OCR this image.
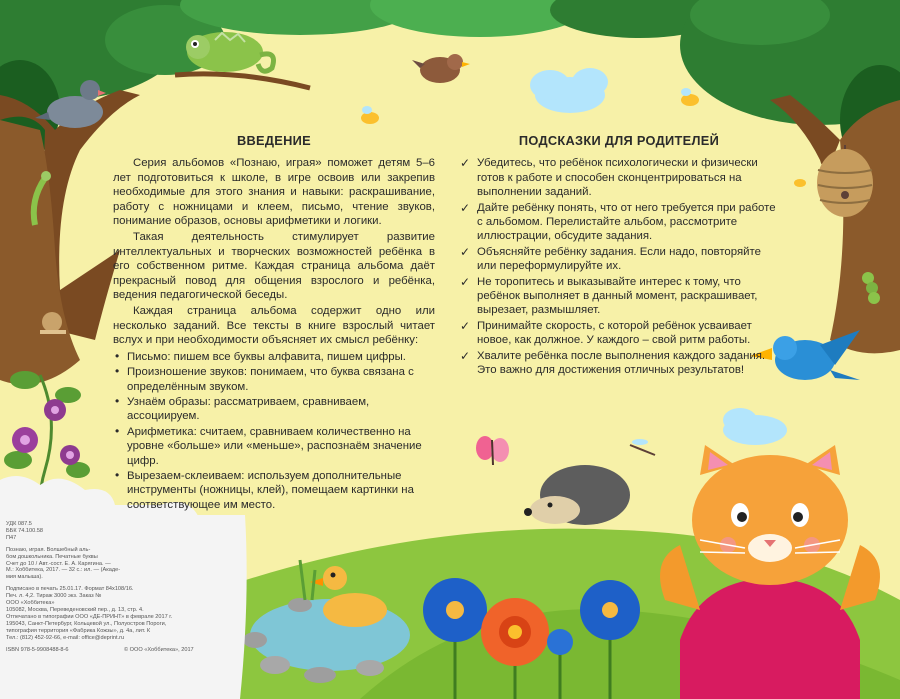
ВВЕДЕНИЕ

Серия альбомов «Познаю, играя» поможет детям 5–6 лет подготовиться к школе, в игре освоив или закрепив необходимые для этого знания и навыки: раскрашивание, работу с ножницами и клеем, письмо, чтение звуков, понимание образов, основы арифметики и логики.

Такая деятельность стимулирует развитие интеллектуальных и творческих возможностей ребёнка в его собственном ритме. Каждая страница альбома даёт прекрасный повод для общения взрослого и ребёнка, ведения педагогической беседы.

Каждая страница альбома содержит одно или несколько заданий. Все тексты в книге взрослый читает вслух и при необходимости объясняет их смысл ребёнку:

• Письмо: пишем все буквы алфавита, пишем цифры.
• Произношение звуков: понимаем, что буква связана с определённым звуком.
• Узнаём образы: рассматриваем, сравниваем, ассоциируем.
• Арифметика: считаем, сравниваем количественно на уровне «больше» или «меньше», распознаём значение цифр.
• Вырезаем-склеиваем: используем дополнительные инструменты (ножницы, клей), помещаем картинки на соответствующее им место.
ПОДСКАЗКИ ДЛЯ РОДИТЕЛЕЙ
✓ Убедитесь, что ребёнок психологически и физически готов к работе и способен сконцентрироваться на выполнении заданий.
✓ Дайте ребёнку понять, что от него требуется при работе с альбомом. Перелистайте альбом, рассмотрите иллюстрации, обсудите задания.
✓ Объясняйте ребёнку задания. Если надо, повторяйте или переформулируйте их.
✓ Не торопитесь и выказывайте интерес к тому, что ребёнок выполняет в данный момент, раскрашивает, вырезает, размышляет.
✓ Принимайте скорость, с которой ребёнок усваивает новое, как должное. У каждого – свой ритм работы.
✓ Хвалите ребёнка после выполнения каждого задания. Это важно для достижения отличных результатов!
УДК 087.5
ББК 74.100.58
П47
Познаю, играя. Волшебный аль-
бом дошкольника. Печатные буквы
Счет до 10 / Авт.-сост. Е. А. Карягина. —
М.: Хоббитека, 2017. — 32 с.: ил. — (Акаде-
мия малыша).
Подписано в печать 25.01.17. Формат 84х108/16.
Печ. л. 4,2. Тираж 3000 экз. Заказ №
ООО «Хоббитека»
105082, Москва, Переведеновский пер., д. 13, стр. 4.
Отпечатано в типографии ООО «ДЕ-ПРИНТ» в феврале 2017 г.
195043, Санкт-Петербург, Кольцевой ул., Полуостров Пороги,
типография территория «Фабрика Кожзы», д. 4а, лит. К
Тел.: (812) 452-92-66, e-mail: office@deprint.ru
ISBN 978-5-9908488-8-6	© ООО «Хоббитека», 2017
